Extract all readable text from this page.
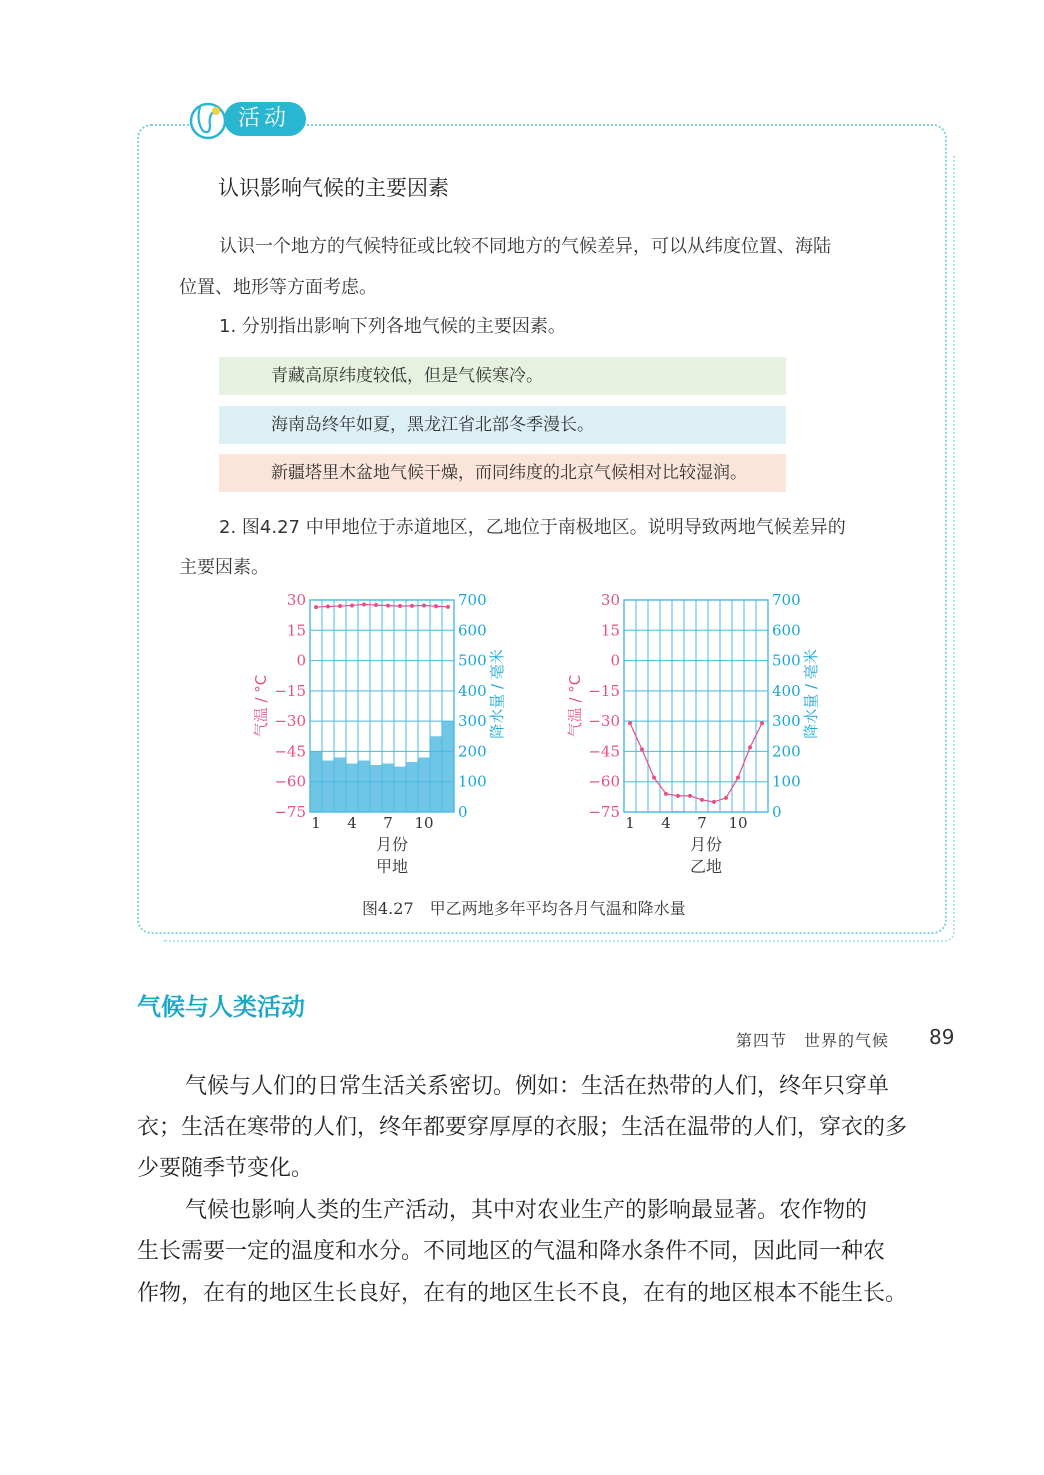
活动
认识影响气候的主要因素
认识一个地方的气候特征或比较不同地方的气候差异，可以从纬度位置、海陆
位置、地形等方面考虑。
1. 分别指出影响下列各地气候的主要因素。
青藏高原纬度较低，但是气候寒冷。
海南岛终年如夏，黑龙江省北部冬季漫长。
新疆塔里木盆地气候干燥，而同纬度的北京气候相对比较湿润。
2. 图4.27 中甲地位于赤道地区，乙地位于南极地区。说明导致两地气候差异的
主要因素。
30
15
0
−15
−30
−45
−60
−75
700
600
500
400
300
200
100
0
1 4 7 10
气温 / °C	降水量 / 毫米
月份
甲地
30
15
0
−15
−30
−45
−60
−75
700
600
500
400
300
200
100
0
1 4 7 10
气温 / °C	降水量 / 毫米
月份
乙地
图4.27　甲乙两地多年平均各月气温和降水量
气候与人类活动
气候与人们的日常生活关系密切。例如：生活在热带的人们，终年只穿单
衣；生活在寒带的人们，终年都要穿厚厚的衣服；生活在温带的人们，穿衣的多
少要随季节变化。
气候也影响人类的生产活动，其中对农业生产的影响最显著。农作物的
生长需要一定的温度和水分。不同地区的气温和降水条件不同，因此同一种农
作物，在有的地区生长良好，在有的地区生长不良，在有的地区根本不能生长。
第四节　世界的气候 89
